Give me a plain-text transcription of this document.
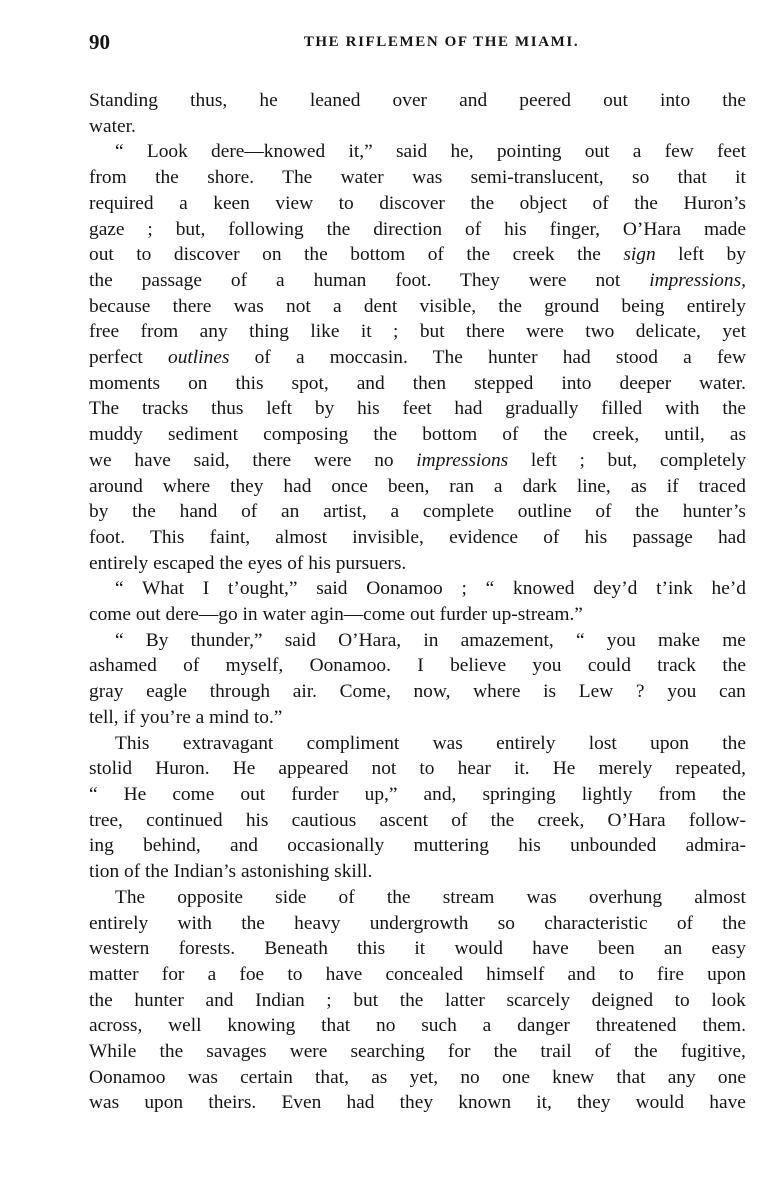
90	THE RIFLEMEN OF THE MIAMI.

Standing thus, he leaned over and peered out into the
water.

“ Look dere—knowed it,” said he, pointing out a few feet
from the shore. The water was semi-translucent, so that it
required a keen view to discover the object of the Huron’s
gaze ; but, following the direction of his finger, O’Hara made
out to discover on the bottom of the creek the sign left by
the passage of a human foot. They were not impressions,
because there was not a dent visible, the ground being entirely
free from any thing like it ; but there were two delicate, yet
perfect outlines of a moccasin. The hunter had stood a few
moments on this spot, and then stepped into deeper water.
The tracks thus left by his feet had gradually filled with the
muddy sediment composing the bottom of the creek, until, as
we have said, there were no impressions left ; but, completely
around where they had once been, ran a dark line, as if traced
by the hand of an artist, a complete outline of the hunter’s
foot. This faint, almost invisible, evidence of his passage had
entirely escaped the eyes of his pursuers.

“ What I t’ought,” said Oonamoo ; “ knowed dey’d t’ink he’d
come out dere—go in water agin—come out furder up-stream.”

“ By thunder,” said O’Hara, in amazement, “ you make me
ashamed of myself, Oonamoo. I believe you could track the
gray eagle through air. Come, now, where is Lew ? you can
tell, if you’re a mind to.”

This extravagant compliment was entirely lost upon the
stolid Huron. He appeared not to hear it. He merely repeated,
“ He come out furder up,” and, springing lightly from the
tree, continued his cautious ascent of the creek, O’Hara follow-
ing behind, and occasionally muttering his unbounded admira-
tion of the Indian’s astonishing skill.

The opposite side of the stream was overhung almost
entirely with the heavy undergrowth so characteristic of the
western forests. Beneath this it would have been an easy
matter for a foe to have concealed himself and to fire upon
the hunter and Indian ; but the latter scarcely deigned to look
across, well knowing that no such a danger threatened them.
While the savages were searching for the trail of the fugitive,
Oonamoo was certain that, as yet, no one knew that any one
was upon theirs. Even had they known it, they would have
